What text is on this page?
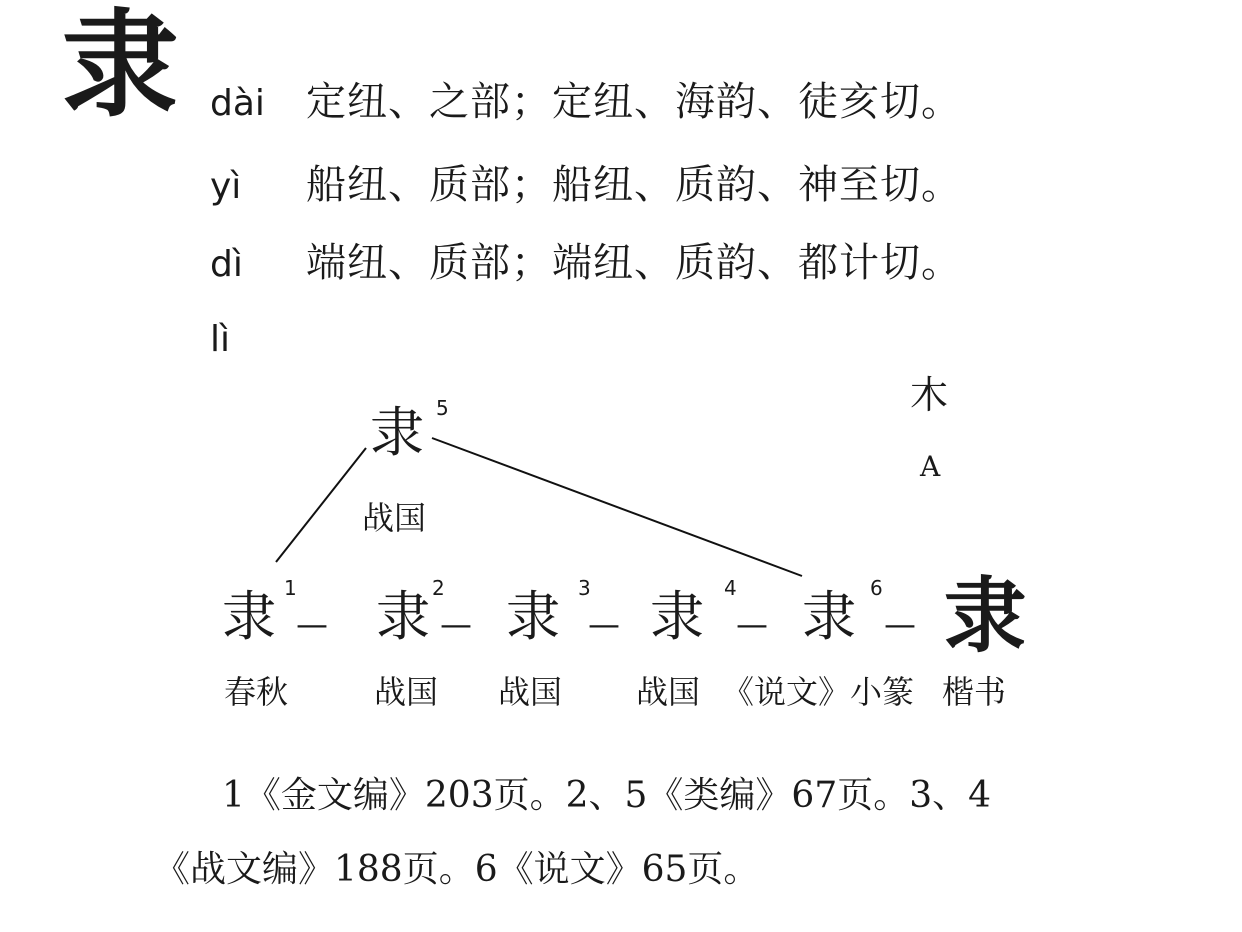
隶 dài 定纽、之部；定纽、海韵、徒亥切。
yì 船纽、质部；船纽、质韵、神至切。
dì 端纽、质部；端纽、质韵、都计切。
lì
隶 5
战国
木
A
隶 1
春秋
— 隶 2
战国
— 隶 3
战国
— 隶 4
战国
— 隶 6
《说文》小篆
— 隶
楷书
1《金文编》203页。2、5《类编》67页。3、4
《战文编》188页。6《说文》65页。
